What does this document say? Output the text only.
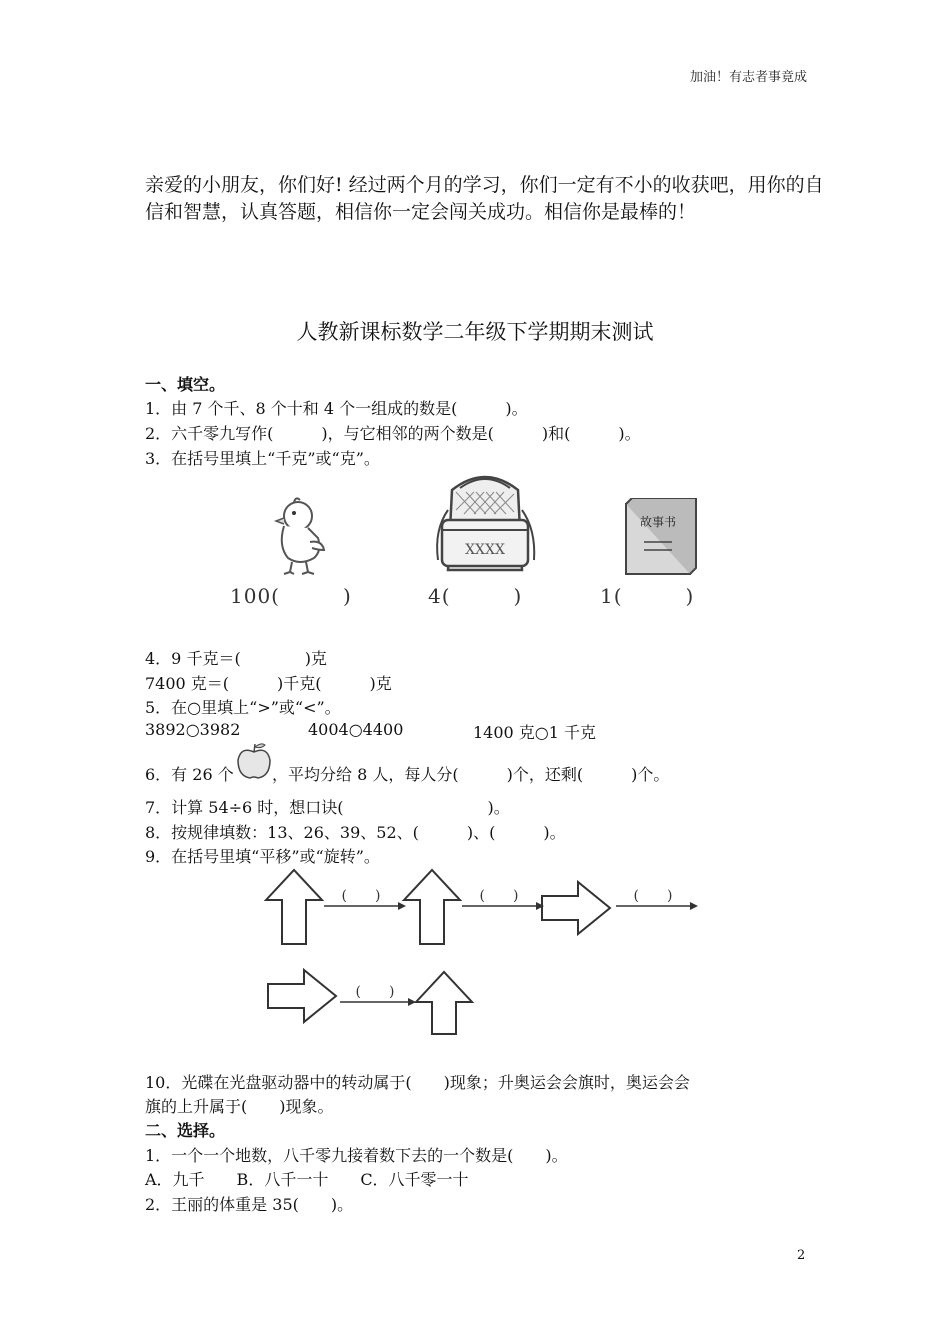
加油！有志者事竟成
亲爱的小朋友，你们好! 经过两个月的学习，你们一定有不小的收获吧，用你的自信和智慧，认真答题，相信你一定会闯关成功。相信你是最棒的！
人教新课标数学二年级下学期期末测试
一、填空。
1．由 7 个千、8 个十和 4 个一组成的数是(　　　)。
2．六千零九写作(　　　)，与它相邻的两个数是(　　　)和(　　　)。
3．在括号里填上“千克”或“克”。
100(　　　)
XXXX
4(　　　)
故事书
1(　　　)
4．9 千克＝(　　　　)克
7400 克＝(　　　)千克(　　　)克
5．在○里填上“>”或“<”。
3892○3982	4004○4400	1400 克○1 千克
6．有 26 个 ，平均分给 8 人，每人分(　　　)个，还剩(　　　)个。
7．计算 54÷6 时，想口诀(　　　　　　　　　)。
8．按规律填数：13、26、39、52、(　　　)、(　　　)。
9．在括号里填“平移”或“旋转”。
(　　)	(　　)	(　　)
(　　)
10．光碟在光盘驱动器中的转动属于(　　)现象；升奥运会会旗时，奥运会会
旗的上升属于(　　)现象。
二、选择。
1．一个一个地数，八千零九接着数下去的一个数是(　　)。
A．九千　　B．八千一十　　C．八千零一十
2．王丽的体重是 35(　　)。
2
